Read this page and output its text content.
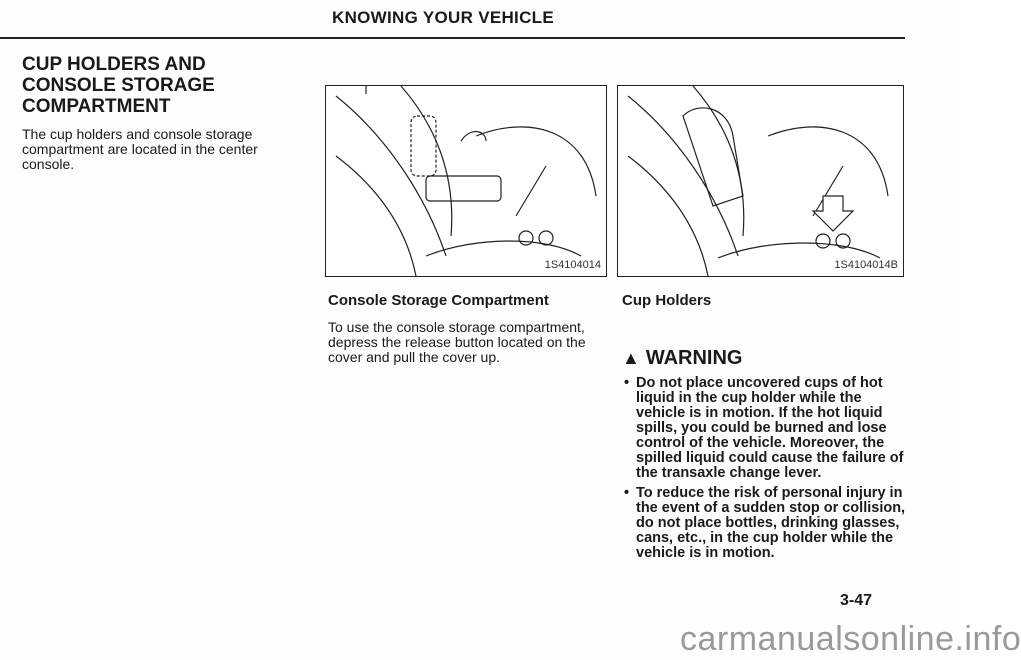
KNOWING YOUR VEHICLE
CUP HOLDERS AND CONSOLE STORAGE COMPARTMENT
The cup holders and console storage compartment are located in the center console.
1S4104014	1S4104014B
Console Storage Compartment	Cup Holders
To use the console storage compartment, depress the release button located on the cover and pull the cover up.	▲ WARNING
• Do not place uncovered cups of hot liquid in the cup holder while the vehicle is in motion. If the hot liquid spills, you could be burned and lose control of the vehicle. Moreover, the spilled liquid could cause the failure of the transaxle change lever.
• To reduce the risk of personal injury in the event of a sudden stop or collision, do not place bottles, drinking glasses, cans, etc., in the cup holder while the vehicle is in motion.
3-47
carmanualsonline.info
